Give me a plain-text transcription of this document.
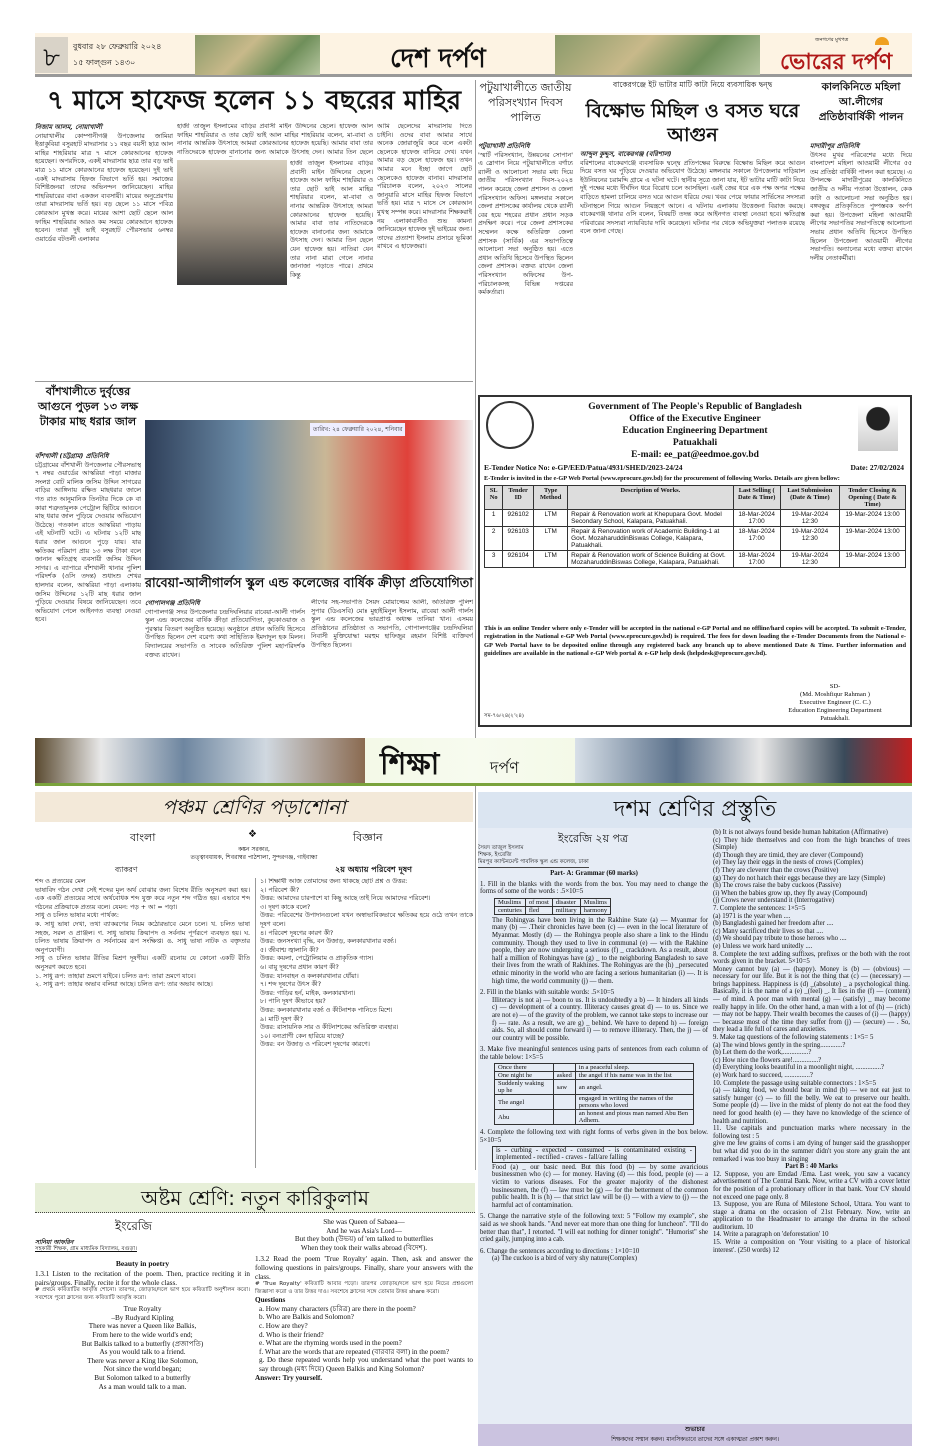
৮	বুধবার ২৮ ফেব্রুয়ারি ২০২৪
১৫ ফাল্গুন ১৪৩০	দেশ দর্পণ
জনগণের মুখপত্র
ভোরের দর্পণ
৭ মাসে হাফেজ হলেন ১১ বছরের মাহির
নিজাম আলম, নোয়াখালী
নোয়াখালীর কোম্পানীগঞ্জ উপজেলার জামিয়া ইত্তাকুবিয়া বসুরহাট মাদরাসার ১১ বছর বয়সী ছাত্র আল মাহির শাহরিয়ার মাত্র ৭ মাসে কোরআনের হাফেজ হয়েছেন। অপরদিকে, একই মাদরাসার ছাত্র তার বড় ভাই মাত্র ১১ মাসে কোরআনের হাফেজ হয়েছেন। দুই ভাই একই মাদরাসায় হিফজ বিভাগে ভর্তি হয়। সমাজের বিশিষ্টজনরা তাদের অভিনন্দন জানিয়েছেন। মাহির শাহরিয়ারের বাবা একজন ব্যবসায়ী। মায়ের অনুপ্রেরণায় তারা মাদরাসায় ভর্তি হয়। বড় ছেলে ১১ মাসে পবিত্র কোরআন মুখস্ত করে। মায়ের আশা ছোট ছেলে আল ফাহিম শাহরিয়ার আরও কম সময়ে কোরআনে হাফেজ হবেন। তারা দুই ভাই বসুরহাট পৌরসভার ৬নম্বর ওয়ার্ডের বটতলী এলাকার
হাজী তাজুল ইসলামের বাড়ির প্রবাসী মাইন উদ্দিনের ছেলে। হাফেজ আল ফাহিম শাহরিয়ার ও তার ছোট ভাই আল মাহির শাহরিয়ার বলেন, মা-বাবা ও নানার আন্তরিক উৎসাহে আমরা কোরআনের হাফেজ হয়েছি। আমার বাবা তার নাতিদেরকে হাফেজ বানানোর জন্য আমাকে উৎসাহ দেন। আমার তিন ছেলে
হাজী তাজুল ইসলামের বাড়ির প্রবাসী মাইন উদ্দিনের ছেলে। হাফেজ আল ফাহিম শাহরিয়ার ও তার ছোট ভাই আল মাহির শাহরিয়ার বলেন, মা-বাবা ও নানার আন্তরিক উৎসাহে আমরা কোরআনের হাফেজ হয়েছি। আমার বাবা তার নাতিদেরকে হাফেজ বানানোর জন্য আমাকে উৎসাহ দেন। আমার তিন ছেলে যেন হাফেজ হয়। নাতিরা যেন তার নানা মারা গেলে নানার জানাজা পড়াতে পারে। প্রথমে কিন্তু
আমি ছেলেদের মাদরাসায় দিতে চাইনি। ওদের বাবা আমার সাথে অনেক জোরাজুরি করে বলে একটা ছেলেকে হাফেজ বানিয়ে দেখ। যখন আমার বড় ছেলে হাফেজ হয়। তখন আমার মনে ইচ্ছা জাগে ছোট ছেলেকেও হাফেজ বানাব। মাদরাসার পরিচালক বলেন, ২০২৩ সালের জানুয়ারি মাসে মাহির হিফজ বিভাগে ভর্তি হয়। মাত্র ৭ মাসে সে কোরআন মুখস্থ সম্পন্ন করে। মাদরাসার শিক্ষকরাই নয় এলাকাবাসীও শুভ কামনা জানিয়েছেন হাফেজ দুই ভাইয়ের জন্য। তাদের প্রত্যাশা ইসলাম প্রসারে ভূমিকা রাখবে এ হাফেজরা।
বাঁশখালীতে দুর্বৃত্তের আগুনে পুড়ল ১৩ লক্ষ টাকার মাছ ধরার জাল
বাঁশখালী (চট্টগ্রাম) প্রতিনিধি
চট্টগ্রামের বাঁশখালী উপজেলার পৌরসভাস্থ ৭ নম্বর ওয়ার্ডের আস্করিয়া পাড়া মাজার সংলগ্ন বোট মালিক জসিম উদ্দিন সাগরের বাড়ির আঙ্গিনায় রক্ষিত মাছধরার জালে গত রাত আনুমানিক তিনটার দিকে কে বা কারা শত্রুতামূলক পেট্রোল ছিটিয়ে আগুনে মাছ ধরার জাল পুড়িয়ে দেওয়ার অভিযোগ উঠেছে। গতকাল রাতে আস্করিয়া পাড়ায় এই ঘটনাটি ঘটে। এ ঘটনায় ১২টি মাছ ধরার জাল আগুনে পুড়ে যায়। যার ক্ষতিকর পরিমাণ প্রায় ১৩ লক্ষ টাকা বলে জানান ক্ষতিগ্রস্থ ব্যবসায়ী জসিম উদ্দিন সাগর। এ ব্যাপারে বাঁশখালী থানার পুলিশ পরিদর্শক (ওসি তদন্ত) শুধাংশু শেখর হালদার বলেন, আস্করিয়া পাড়া এলাকায় জসিম উদ্দিনের ১২টি মাছ ধরার জাল পুড়িয়ে দেওয়ার বিষয়ে জানিয়েছেন। তবে অভিযোগ পেলে আইনগত ব্যবস্থা নেওয়া হবে।
তারিখ: ২৪ ফেব্রুয়ারি ২০২৪, শনিবার
রাবেয়া-আলীগার্লস স্কুল এন্ড কলেজের বার্ষিক ক্রীড়া প্রতিযোগিতা
গোপালগঞ্জ প্রতিনিধি
গোপালগঞ্জ সদর উপজেলার চন্দ্রদিঘলিয়ার রাবেয়া-আলী গার্লস স্কুল এন্ড কলেজের বার্ষিক ক্রীড়া প্রতিযোগিতা, কুচকাওয়াজ ও পুরস্কার বিতরণ অনুষ্ঠিত হয়েছে। অনুষ্ঠানে প্রধান অতিথি হিসেবে উপস্থিত ছিলেন দেশ বরেণ্য কথা সাহিত্যিক ইমদাদুল হক মিলন। বিদ্যালয়ের সভাপতি ও সাবেক অতিরিক্ত পুলিশ মহাপরিদর্শক বক্তব্য রাখেন।
লীগের সহ-সভাপতি সৈয়দ মোয়াজ্জেম আলী, অতিরিক্ত পুলিশ সুপার (ডিএসবি) মোঃ মুহাইমিনুল ইসলাম, রাবেয়া আলী গার্লস স্কুল এন্ড কলেজের ভারপ্রাপ্ত অধ্যক্ষ তানিয়া খান। এসময় প্রতিষ্ঠানের প্রতিষ্ঠাতা ও সভাপতি, গোপালগঞ্জের চন্দ্রদিঘলিয়া নিবাসী মুক্তিযোদ্ধা মরহুম হাফিজুর রহমান বিশিষ্ট ব্যক্তিবর্গ উপস্থিত ছিলেন।
পটুয়াখালীতে জাতীয় পরিসংখ্যান দিবস পালিত
পটুয়াখালী প্রতিনিধি
'স্মার্ট পরিসংখ্যান, উন্নয়নের সোপান' এ স্লোগান নিয়ে পটুয়াখালীতে বর্ণাঢ্য র‌্যালী ও আলোচনা সভার মধ্য দিয়ে জাতীয় পরিসংখ্যান দিবস-২০২৪ পালন করেছে জেলা প্রশাসন ও জেলা পরিসংখ্যান অফিস। মঙ্গলবার সকালে জেলা প্রশাসকের কার্যালয় থেকে র‌্যালী বের হয়ে শহরের প্রধান প্রধান সড়ক প্রদক্ষিণ করে। পরে জেলা প্রশাসকের সম্মেলন কক্ষে অতিরিক্ত জেলা প্রশাসক (সার্বিক) এর সভাপতিত্বে আলোচনা সভা অনুষ্ঠিত হয়। এতে প্রধান অতিথি হিসেবে উপস্থিত ছিলেন জেলা প্রশাসক। বক্তব্য রাখেন জেলা পরিসংখ্যান অফিসের উপ-পরিচালকসহ বিভিন্ন দপ্তরের কর্মকর্তারা।
বাকেরগঞ্জে ইট ভাটার মাটি কাটা নিয়ে ব্যবসায়িক দ্বন্দ্ব
বিক্ষোভ মিছিল ও বসত ঘরে আগুন
আব্দুল কুদ্দুস, বাকেরগঞ্জ (বরিশাল)
বরিশালের বাকেরগঞ্জে ব্যবসায়িক দ্বন্দ্বে প্রতিপক্ষের বিরুদ্ধে বিক্ষোভ মিছিল করে আগুন দিয়ে বসত ঘর পুড়িয়ে দেওয়ার অভিযোগ উঠেছে। মঙ্গলবার সকালে উপজেলার দাড়িয়াল ইউনিয়নের চরামদ্দি গ্রামে এ ঘটনা ঘটে। স্থানীয় সূত্রে জানা যায়, ইট ভাটার মাটি কাটা নিয়ে দুই পক্ষের মধ্যে দীর্ঘদিন ধরে বিরোধ চলে আসছিল। এরই জের ধরে এক পক্ষ অপর পক্ষের বাড়িতে হামলা চালিয়ে বসত ঘরে আগুন ধরিয়ে দেয়। খবর পেয়ে ফায়ার সার্ভিসের সদস্যরা ঘটনাস্থলে গিয়ে আগুন নিয়ন্ত্রণে আনে। এ ঘটনায় এলাকায় উত্তেজনা বিরাজ করছে। বাকেরগঞ্জ থানার ওসি বলেন, বিষয়টি তদন্ত করে আইনগত ব্যবস্থা নেওয়া হবে। ক্ষতিগ্রস্ত পরিবারের সদস্যরা ন্যায়বিচার দাবি করেছেন। ঘটনার পর থেকে অভিযুক্তরা পলাতক রয়েছে বলে জানা গেছে।
কালকিনিতে মহিলা আ.লীগের প্রতিষ্ঠাবার্ষিকী পালন
মাদারীপুর প্রতিনিধি
উৎসব মুখর পরিবেশের মধ্যে দিয়ে বাংলাদেশ মহিলা আওয়ামী লীগের ৫৫ তম প্রতিষ্ঠা বার্ষিকী পালন করা হয়েছে। এ উপলক্ষে মাদারীপুরের কালকিনিতে জাতীয় ও দলীয় পতাকা উত্তোলন, কেক কাটা ও আলোচনা সভা অনুষ্ঠিত হয়। বঙ্গবন্ধুর প্রতিকৃতিতে পুষ্পস্তবক অর্পণ করা হয়। উপজেলা মহিলা আওয়ামী লীগের সভাপতির সভাপতিত্বে আলোচনা সভায় প্রধান অতিথি হিসেবে উপস্থিত ছিলেন উপজেলা আওয়ামী লীগের সভাপতি। অন্যান্যের মধ্যে বক্তব্য রাখেন দলীয় নেতাকর্মীরা।
Government of The People's Republic of Bangladesh
Office of the Executive Engineer
Education Engineering Department
Patuakhali
E-mail: ee_pat@eedmoe.gov.bd
E-Tender Notice No: e-GP/EED/Patua/4931/SHED/2023-24/24	Date: 27/02/2024
E-Tender is invited in the e-GP Web Portal (www.eprocure.gov.bd) for the procurement of following Works. Details are given bellow:
SL No	Tender ID	Type Method	Description of Works.	Last Selling ( Date & Time)	Last Submission (Date & Time)	Tender Closing & Opening ( Date & Time)
1	926102	LTM	Repair & Renovation work at Khepupara Govt. Model Secondary School, Kalapara, Patuakhali.	18-Mar-2024 17:00	19-Mar-2024 12:30	19-Mar-2024 13:00
2	926103	LTM	Repair & Renovation work of Academic Building-1 at Govt. MozaharuddinBiswas College, Kalapara, Patuakhali.	18-Mar-2024 17:00	19-Mar-2024 12:30	19-Mar-2024 13:00
3	926104	LTM	Repair & Renovation work of Science Building at Govt. MozaharuddinBiswas College, Kalapara, Patuakhali.	18-Mar-2024 17:00	19-Mar-2024 12:30	19-Mar-2024 13:00
This is an online Tender where only e-Tender will be accepted in the national e-GP Portal and no offline/hard copies will be accepted. To submit e-Tender, registration in the National e-GP Web Portal (www.eprocure.gov.bd) is required. The fees for down loading the e-Tender Documents from the National e-GP Web Portal have to be deposited online through any registered back any branch up to above mentioned Date & Time. Further information and guidelines are available in the national e-GP Web portal & e-GP help desk (helpdesk@eprocure.gov.bd).
SD-
(Md. Moshfiqur Rahman )
Executive Engineer (C. C.)
Education Engineering Department
Patuakhali.
সম-৭৬/২৪(২'২৪)
শিক্ষা	দর্পণ
পঞ্চম শ্রেণির পড়াশোনা
বাংলা	❖	বিজ্ঞান
কঙ্কন সরকার,
তত্ত্বাবধায়ক, শিবরাম্বর পাঠশালা, সুন্দরগঞ্জ, গাইবান্ধা
ব্যাকরণ	২য় অধ্যায় পরিবেশ দূষণ
শব্দ ও প্রত্যয়ের মেল
ভাষাবিদ গঠন দেখা সেই শব্দের মূল অর্থ বোঝার জন্য বিশেষ রীতি অনুসরণ করা হয়। এক একটি প্রত্যয়ের সাথে অর্থবোধক শব্দ যুক্ত করে নতুন শব্দ গঠিত হয়। এভাবে শব্দ গঠনের প্রক্রিয়াকে প্রত্যয় বলে। যেমন: পড় + আ = পড়া।
সাধু ও চলিত ভাষার মধ্যে পার্থক্য:
ক. সাধু ভাষা দেখা, তথা ব্যাকরণের নিয়ম কঠোরভাবে মেনে চলে। খ. চলিত ভাষা সহজ, সরল ও প্রাঞ্জল। গ. সাধু ভাষায় ক্রিয়াপদ ও সর্বনাম পূর্ণরূপে ব্যবহৃত হয়। ঘ. চলিত ভাষায় ক্রিয়াপদ ও সর্বনামের রূপ সংক্ষিপ্ত। ঙ. সাধু ভাষা নাটক ও বক্তৃতার অনুপযোগী।
সাধু ও চলিত ভাষার রীতির মিশ্রণ দূষণীয়। একটি রচনায় যে কোনো একটি রীতি অনুসরণ করতে হবে।
১. সাধু রূপ: তাহারা ভ্রমণে যাইবে। চলিত রূপ: তারা ভ্রমণে যাবে।
২. সাধু রূপ: তাহার অভাব বলিয়া আছে। চলিত রূপ: তার অভাব আছে।
১। শিক্ষার্থী আজ তোমাদের জন্য থাকছে ছোট প্রশ্ন ও উত্তর:
২। পরিবেশ কী?
উত্তর: আমাদের চারপাশে যা কিছু আছে তাই নিয়ে আমাদের পরিবেশ।
৩। দূষণ কাকে বলে?
উত্তর: পরিবেশের উপাদানগুলো যখন অস্বাভাবিকভাবে ক্ষতিকর হয়ে ওঠে তখন তাকে দূষণ বলে।
৪। পরিবেশ দূষণের কারণ কী?
উত্তর: জনসংখ্যা বৃদ্ধি, বন উজাড়, কলকারখানার বর্জ্য।
৫। জীবাশ্ম জ্বালানি কী?
উত্তর: কয়লা, পেট্রোলিয়াম ও প্রাকৃতিক গ্যাস।
৬। বায়ু দূষণের প্রধান কারণ কী?
উত্তর: যানবাহন ও কলকারখানার ধোঁয়া।
৭। শব্দ দূষণের উৎস কী?
উত্তর: গাড়ির হর্ন, মাইক, কলকারখানা।
৮। পানি দূষণ কীভাবে হয়?
উত্তর: কলকারখানার বর্জ্য ও কীটনাশক পানিতে মিশে।
৯। মাটি দূষণ কী?
উত্তর: রাসায়নিক সার ও কীটনাশকের অতিরিক্ত ব্যবহার।
১০। বন্যপ্রাণী কেন হারিয়ে যাচ্ছে?
উত্তর: বন উজাড় ও পরিবেশ দূষণের কারণে।
অষ্টম শ্রেণি: নতুন কারিকুলাম
ইংরেজি
সানিয়া আফরিন
সহকারী শিক্ষক, গ্রাম মাধ্যমিক বিদ্যালয়, বগুড়া।
Beauty in poetry
1.3.1 Listen to the recitation of the poem. Then, practice reciting it in pairs/groups. Finally, recite it for the whole class.
# প্রথমে কবিতাটির আবৃত্তি শোনো। তারপর, জোড়ায়/দলে ভাগ হয়ে কবিতাটি অনুশীলন করো। সবশেষে পুরো ক্লাসের জন্য কবিতাটি আবৃত্তি করো।
True Royalty
–By Rudyard Kipling
There was never a Queen like Balkis,
From here to the wide world's end;
But Balkis talked to a butterfly (প্রজাপতি)
As you would talk to a friend.
There was never a King like Solomon,
Not since the world began;
But Solomon talked to a butterfly
As a man would talk to a man.
She was Queen of Sabaea—
And he was Asia's Lord—
But they both (উভয়) of 'em talked to butterflies
When they took their walks abroad (বিদেশ).
1.3.2 Read the poem 'True Royalty' again. Then, ask and answer the following questions in pairs/groups. Finally, share your answers with the class.
# 'True Royalty' কবিতাটি আবার পড়ো। তারপর জোড়ায়/দলে ভাগ হয়ে নিচের প্রশ্নগুলো জিজ্ঞাসা করো ও তার উত্তর দাও। সবশেষে ক্লাসের সঙ্গে তোমার উত্তর share করো।
Questions
a. How many characters (চরিত্র) are there in the poem?
b. Who are Balkis and Solomon?
c. How are they?
d. Who is their friend?
e. What are the rhyming words used in the poem?
f. What are the words that are repeated (বারবার বলা) in the poem?
g. Do these repeated words help you understand what the poet wants to say through (মধ্য দিয়ে) Queen Balkis and King Solomon?
Answer: Try yourself.
দশম শ্রেণির প্রস্তুতি
ইংরেজি ২য় পত্র
সৈয়দ তাজুল ইসলাম
শিক্ষক, ইংরেজি
মিরপুর ক্যান্টনমেন্ট পাবলিক স্কুল এন্ড কলেজ, ঢাকা
Part- A: Grammar (60 marks)
1. Fill in the blanks with the words from the box. You may need to change the forms of some of the words : .5×10=5
Muslims	of most	disaster	Muslims
centuries	fled	military	harmony
The Rohingyas have been living in the Rakhine State (a) — Myanmar for many (b) — .Their chronicles have been (c) — even in the local literature of Myanmar. Mostly (d) — the Rohingya people also share a link to the Hindu community. Though they used to live in communal (e) — with the Rakhine people, they are now undergoing a serious (f) _ crackdown. As a result, about half a million of Rohingyas have (g) _ to the neighboring Bangladesh to save their lives from the wrath of Rakhines. The Rohingyas are the (h) _persecuted ethnic minority in the world who are facing a serious humanitarian (i) —. It is high time, the world community (j) — them.
2. Fill in the blanks with suitable words: .5×10=5
Illiteracy is not a) — boon to us. It is undoubtedly a b) — It hinders all kinds c) — development of a country. Illiteracy causes great d) — to us. Since we are not e) — of the gravity of the problem, we cannot take steps to increase our f) — rate. As a result, we are g) _ behind. We have to depend h) — foreign aids. So, all should come forward i) — to remove illiteracy. Then, the j) — of our country will be possible.
3. Make five meaningful sentences using parts of sentences from each column of the table below: 1×5=5
Once there		in a peaceful sleep.
One night he	asked	the angel if his name was in the list
Suddenly waking up he	saw	an angel.
The angel		engaged in writing the names of the persons who loved
Abu		an honest and pious man named Abu Ben Adhem.
4. Complete the following text with right forms of verbs given in the box below. 5×10=5
is - curbing - expected - consumed - is contaminated existing - implemented - rectified - craves - fall/are falling
Food (a) _ our basic need. But this food (b) — by some avaricious businessmen who (c) — for money. Having (d) — this food, people (e) — a victim to various diseases. For the greater majority of the dishonest businessmen, the (f) — law must be (g) — for the betterment of the common public health. It is (h) — that strict law will be (i) — with a view to (j) — the harmful act of contamination.
5. Change the narrative style of the following text: 5 "Follow my example", she said as we shook hands. "And never eat more than one thing for luncheon". "I'll do better than that", I retorted. "I will eat nothing for dinner tonight". "Humorist" she cried gaily, jumping into a cab.
6. Change the sentences according to directions : 1×10=10
(a) The cuckoo is a bird of very shy nature(Complex)
(b) It is not always found beside human habitation (Affirmative)
(c) They hide themselves and coo from the high branches of trees (Simple)
(d) Though they are timid, they are clever (Compound)
(e) They lay their eggs in the nests of crows (Complex)
(f) They are cleverer than the crows (Positive)
(g) They do not hatch their eggs because they are lazy (Simple)
(h) The crows raise the baby cuckoos (Passive)
(i) When the babies grow up, they fly away (Compound)
(j) Crows never understand it (Interrogative)
7. Complete the sentences: 1×5=5
(a) 1971 is the year when ....
(b) Bangladeshi gained her freedom after ....
(c) Many sacrificed their lives so that ....
(d) We should pay tribute to those heroes who ....
(e) Unless we work hard unitedly ....
8. Complete the text adding suffixes, prefixes or the both with the root words given in the bracket. 5×10=5
Money cannot buy (a) — (happy). Money is (b) — (obvious) — necessary for our life. But it is not the thing that (c) — (necessary) — brings happiness. Happiness is (d) _(absolute) _ a psychological thing. Basically, it is the name of a (e) _(feel) _. It lies in the (f) — (content) — of mind. A poor man with mental (g) — (satisfy) _ may become really happy in life. On the other hand, a man with a lot of (h) — (rich) — may not be happy. Their wealth becomes the causes of (i) — (happy) — because most of the time they suffer from (j) — (secure) — . So, they lead a life full of cares and anxieties.
9. Make tag questions of the following statements : 1×5= 5
(a) The wind blows gently in the spring.............?
(b) Let them do the work,...............?
(c) How nice the flowers are!...............?
(d) Everything looks beautiful in a moonlight night, ...............?
(e) Work hard to succeed, ...............?
10. Complete the passage using suitable connectors : 1×5=5
(a) — taking food, we should bear in mind (b) — we not eat just to satisfy hunger (c) — to fill the belly. We eat to preserve our health. Some people (d) — live in the midst of plenty do not eat the food they need for good health (e) — they have no knowledge of the science of health and nutrition.
11. Use capitals and punctuation marks where necessary in the following test : 5
give me few grains of corns i am dying of hunger said the grasshopper but what did you do in the summer didn't you store any grain the ant remarked i was too busy in singing
Part B : 40 Marks
12. Suppose, you are Emdad /Ema. Last week, you saw a vacancy advertisement of The Central Bank. Now, write a CV with a cover letter for the position of a probationary officer in that bank. Your CV should not exceed one page only. 8
13. Suppose, you are Runa of Milestone School, Uttara. You want to stage a drama on the occasion of 21st February. Now, write an application to the Headmaster to arrange the drama in the school auditorium. 10
14. Write a paragraph on 'deforestation' 10
15. Write a composition on 'Your visiting to a place of historical interest'. (250 words) 12
শুভাচার
শিক্ষকদের সম্মান করুন। মানসিকভাবে তাদের সঙ্গে একাত্মতা প্রকাশ করুন।
